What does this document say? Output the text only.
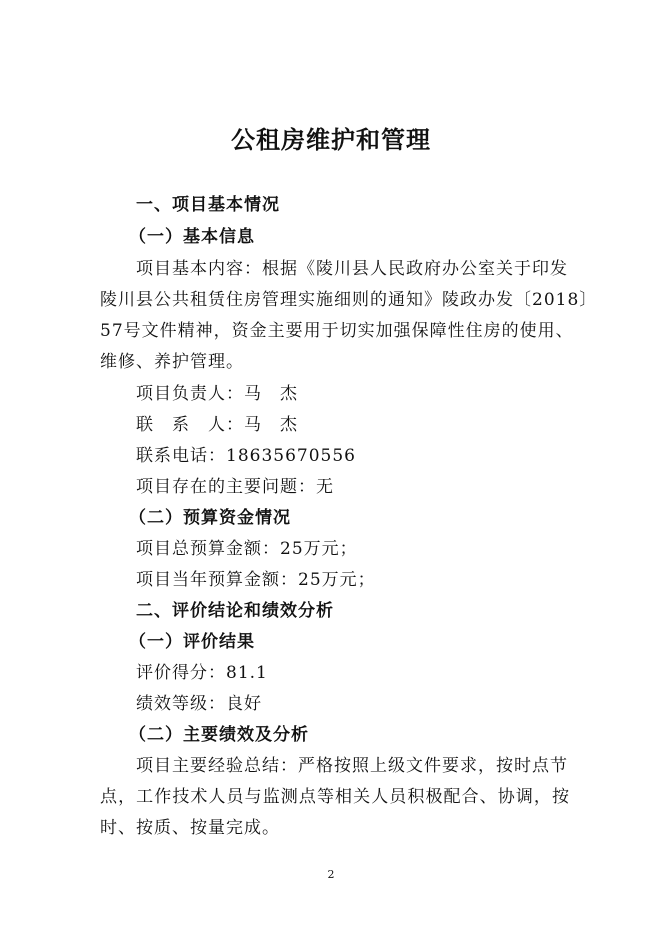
公租房维护和管理
一、项目基本情况
（一）基本信息
项目基本内容：根据《陵川县人民政府办公室关于印发
陵川县公共租赁住房管理实施细则的通知》陵政办发〔2018〕
57号文件精神，资金主要用于切实加强保障性住房的使用、
维修、养护管理。
项目负责人：马　杰
联　系　人：马　杰
联系电话：18635670556
项目存在的主要问题：无
（二）预算资金情况
项目总预算金额：25万元；
项目当年预算金额：25万元；
二、评价结论和绩效分析
（一）评价结果
评价得分：81.1
绩效等级：良好
（二）主要绩效及分析
项目主要经验总结：严格按照上级文件要求，按时点节
点，工作技术人员与监测点等相关人员积极配合、协调，按
时、按质、按量完成。
2
